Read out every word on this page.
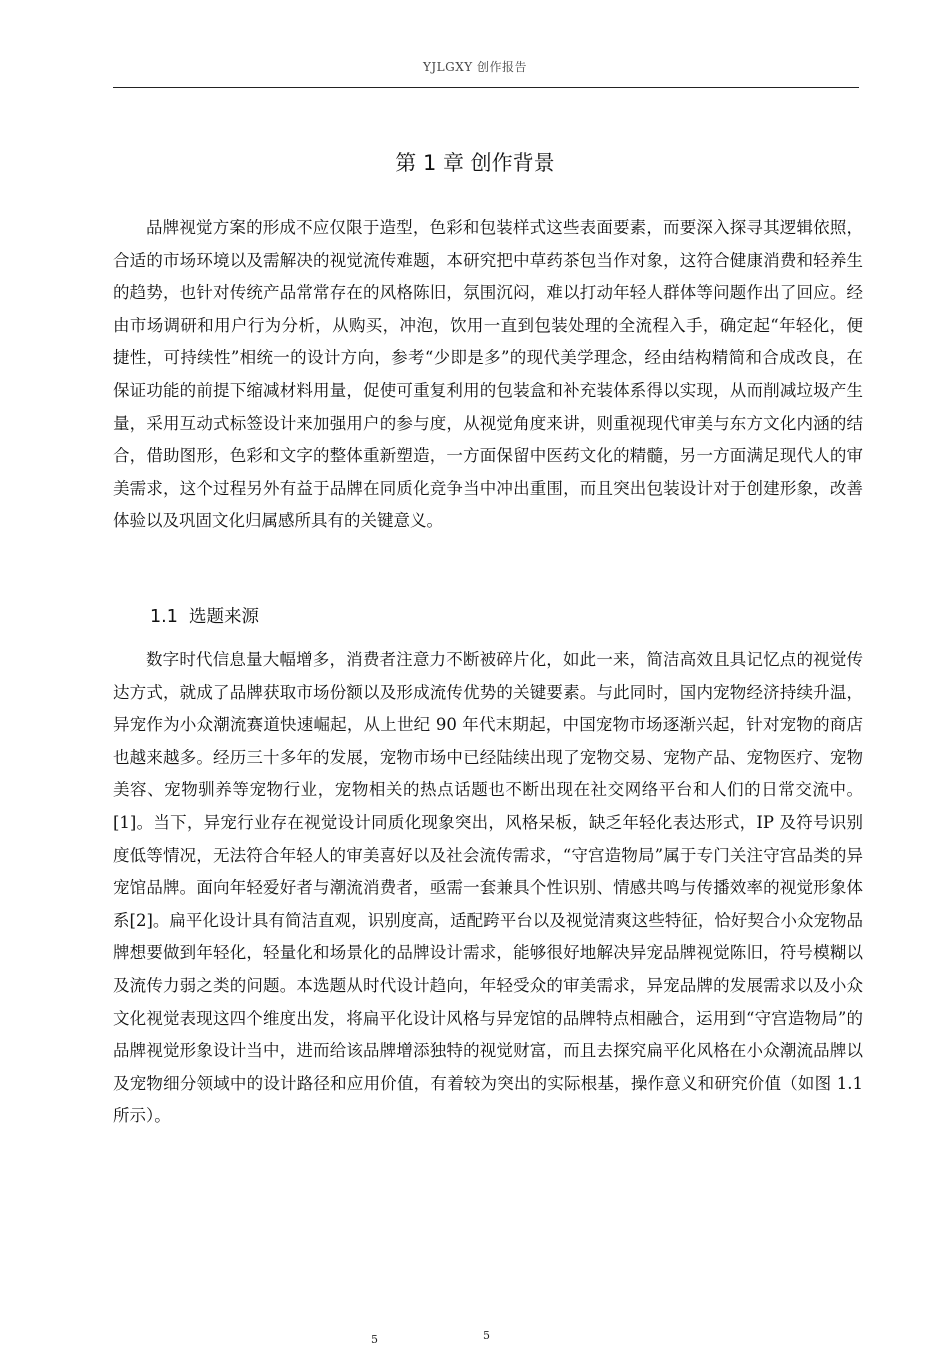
YJLGXY 创作报告
第 1 章 创作背景

品牌视觉方案的形成不应仅限于造型，色彩和包装样式这些表面要素，而要深入探寻其逻辑依照，合适的市场环境以及需解决的视觉流传难题，本研究把中草药茶包当作对象，这符合健康消费和轻养生的趋势，也针对传统产品常常存在的风格陈旧，氛围沉闷，难以打动年轻人群体等问题作出了回应。经由市场调研和用户行为分析，从购买，冲泡，饮用一直到包装处理的全流程入手，确定起“年轻化，便捷性，可持续性”相统一的设计方向，参考“少即是多”的现代美学理念，经由结构精简和合成改良，在保证功能的前提下缩减材料用量，促使可重复利用的包装盒和补充装体系得以实现，从而削减垃圾产生量，采用互动式标签设计来加强用户的参与度，从视觉角度来讲，则重视现代审美与东方文化内涵的结合，借助图形，色彩和文字的整体重新塑造，一方面保留中医药文化的精髓，另一方面满足现代人的审美需求，这个过程另外有益于品牌在同质化竞争当中冲出重围，而且突出包装设计对于创建形象，改善体验以及巩固文化归属感所具有的关键意义。

1.1  选题来源

数字时代信息量大幅增多，消费者注意力不断被碎片化，如此一来，简洁高效且具记忆点的视觉传达方式，就成了品牌获取市场份额以及形成流传优势的关键要素。与此同时，国内宠物经济持续升温，异宠作为小众潮流赛道快速崛起，从上世纪 90 年代末期起，中国宠物市场逐渐兴起，针对宠物的商店也越来越多。经历三十多年的发展，宠物市场中已经陆续出现了宠物交易、宠物产品、宠物医疗、宠物美容、宠物驯养等宠物行业，宠物相关的热点话题也不断出现在社交网络平台和人们的日常交流中。[1]。当下，异宠行业存在视觉设计同质化现象突出，风格呆板，缺乏年轻化表达形式，IP 及符号识别度低等情况，无法符合年轻人的审美喜好以及社会流传需求，“守宫造物局”属于专门关注守宫品类的异宠馆品牌。面向年轻爱好者与潮流消费者，亟需一套兼具个性识别、情感共鸣与传播效率的视觉形象体系[2]。扁平化设计具有简洁直观，识别度高，适配跨平台以及视觉清爽这些特征，恰好契合小众宠物品牌想要做到年轻化，轻量化和场景化的品牌设计需求，能够很好地解决异宠品牌视觉陈旧，符号模糊以及流传力弱之类的问题。本选题从时代设计趋向，年轻受众的审美需求，异宠品牌的发展需求以及小众文化视觉表现这四个维度出发，将扁平化设计风格与异宠馆的品牌特点相融合，运用到“守宫造物局”的品牌视觉形象设计当中，进而给该品牌增添独特的视觉财富，而且去探究扁平化风格在小众潮流品牌以及宠物细分领域中的设计路径和应用价值，有着较为突出的实际根基，操作意义和研究价值（如图 1.1 所示）。

5	5
